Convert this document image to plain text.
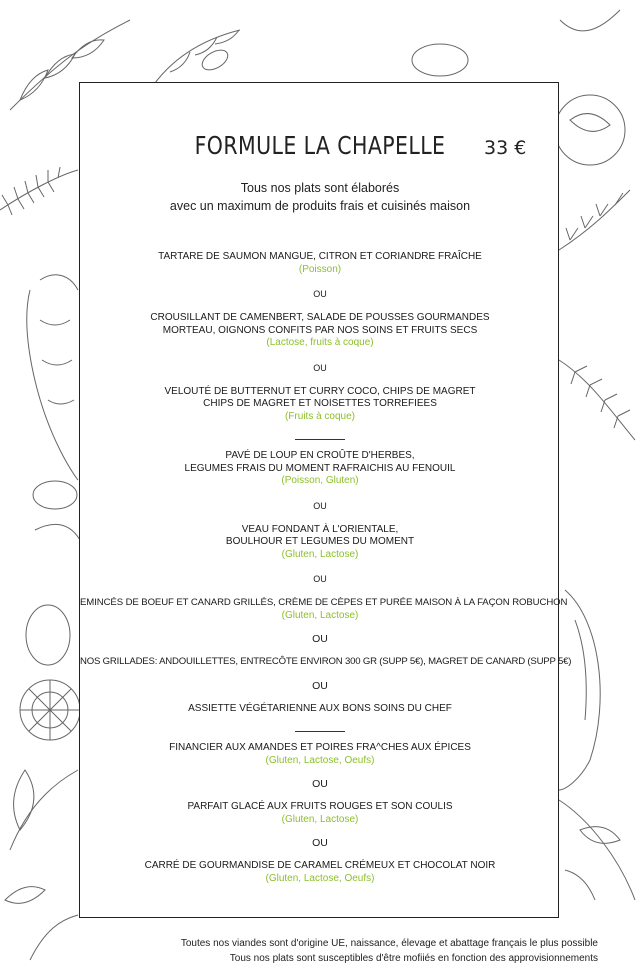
FORMULE LA CHAPELLE	33 €
Tous nos plats sont élaborés
avec un maximum de produits frais et cuisinés maison
TARTARE DE SAUMON MANGUE, CITRON ET CORIANDRE FRAÎCHE
(Poisson)
OU
CROUSILLANT DE CAMENBERT, SALADE DE POUSSES GOURMANDES
MORTEAU, OIGNONS CONFITS PAR NOS SOINS ET FRUITS SECS
(Lactose, fruits à coque)
OU
VELOUTÉ DE BUTTERNUT ET CURRY COCO, CHIPS DE MAGRET
CHIPS DE MAGRET ET NOISETTES TORREFIEES
(Fruits à coque)
PAVÉ DE LOUP EN CROÛTE D'HERBES,
LEGUMES FRAIS DU MOMENT RAFRAICHIS AU FENOUIL
(Poisson, Gluten)
OU
VEAU FONDANT À L'ORIENTALE,
BOULHOUR ET LEGUMES DU MOMENT
(Gluten, Lactose)
OU
EMINCÉS DE BOEUF ET CANARD GRILLÉS, CRÈME DE CÈPES ET PURÉE MAISON À LA FAÇON ROBUCHON
(Gluten, Lactose)
OU
NOS GRILLADES: ANDOUILLETTES, ENTRECÔTE ENVIRON 300 GR (SUPP 5€), MAGRET DE CANARD (SUPP 5€)
OU
ASSIETTE VÉGÉTARIENNE AUX BONS SOINS DU CHEF
FINANCIER AUX AMANDES ET POIRES FRA^CHES AUX ÉPICES
(Gluten, Lactose, Oeufs)
OU
PARFAIT GLACÉ AUX FRUITS ROUGES ET SON COULIS
(Gluten, Lactose)
OU
CARRÉ DE GOURMANDISE DE CARAMEL CRÉMEUX ET CHOCOLAT NOIR
(Gluten, Lactose, Oeufs)
Toutes nos viandes sont d'origine UE, naissance, élevage et abattage français le plus possible
Tous nos plats sont susceptibles d'être mofiiés en fonction des approvisionnements
